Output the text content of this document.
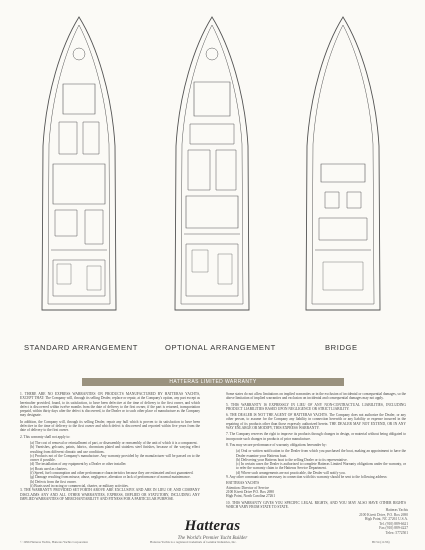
STANDARD ARRANGEMENT	OPTIONAL ARRANGEMENT	BRIDGE
HATTERAS LIMITED WARRANTY

1. THERE ARE NO EXPRESS WARRANTIES ON PRODUCTS MANUFACTURED BY HATTERAS YACHTS, EXCEPT THAT: The Company will, through its selling Dealer, replace or repair, at the Company's option, any part except as hereinafter provided, found, to its satisfaction, to have been defective at the time of delivery to the first owner, and which defect is discovered within twelve months from the date of delivery to the first owner, if the part is returned, transportation prepaid, within thirty days after the defect is discovered, to the Dealer or to such other place of manufacture as the Company may designate.

In addition, the Company will, through its selling Dealer, repair any hull which is proven to its satisfaction to have been defective in the time of delivery to the first owner and which defect is discovered and reported within five years from the date of delivery to the first owner.

2. This warranty shall not apply to:

(a) The cost of removal or reinstallment of part, or disassembly or reassembly of the unit of which it is a component.

(b) Varnishes, gelcoats, paints, fabrics, chromium plated and stainless steel finishes, because of the varying effect resulting from different climatic and use conditions.

(c) Products not of the Company's manufacture. Any warranty provided by the manufacturer will be passed on to the owner if possible.

(d) The installation of any equipment by a Dealer or other installer.

(e) Boats used as charters.

(f) Speed, fuel consumption and other performance characteristics because they are estimated and not guaranteed.

(g) Damage resulting from misuse, abuse, negligence, alteration or lack of performance of normal maintenance.

(h) Defects from the first owner.

(i) Boats used in racing or commercial, charter, or military activities.

3. THE WARRANTY PROVIDED SET FORTH ABOVE ARE EXCLUSIVE AND ARE IN LIEU OF, AND COMPANY DISCLAIMS ANY AND ALL OTHER WARRANTIES, EXPRESS, IMPLIED OR STATUTORY, INCLUDING ANY IMPLIED WARRANTIES OF MERCHANTABILITY AND FITNESS FOR A PARTICULAR PURPOSE.

Some states do not allow limitations on implied warranties or in the exclusion of incidental or consequential damages, so the above limitation of implied warranties and exclusion on incidental and consequential damages may not apply.

5. THIS WARRANTY IS EXPRESSLY IN LIEU OF ANY NON-CONTRACTUAL LIABILITIES, INCLUDING PRODUCT LIABILITIES BASED UPON NEGLIGENCE OR STRICT LIABILITY.

6. THE DEALER IS NOT THE AGENT OF HATTERAS YACHTS. The Company does not authorize the Dealer, or any other person, to assume for the Company any liability in connection herewith or any liability or expense incurred in the repairing of its products other than those expressly authorized herein. THE DEALER MAY NOT EXTEND, OR IN ANY WAY ENLARGE OR MODIFY, THIS EXPRESS WARRANTY.

7. The Company reserves the right to improve its products through changes in design, or material without being obligated to incorporate such changes in products of prior manufacture.

8. You may secure performance of warranty obligations hereunder by:

(a) Oral or written notification to the Dealer from which you purchased the boat, making an appointment to have the Dealer examine your Hatteras boat.

(b) Delivering your Hatteras boat to the selling Dealer or to its representative.

(c) In certain cases the Dealer is authorized to complete Hatteras Limited Warranty obligations under the warranty, or to refer the warranty claim to the Hatteras Service Department.

(d) Where such arrangements are not practicable, the Dealer will notify you.

9. Any other communication necessary in connection with this warranty should be sent to the following address:

HATTERAS YACHTS

Attention: Director of Service

2100 Kivett Drive P.O. Box 2690

High Point, North Carolina 27261

10. THIS WARRANTY GIVES YOU SPECIFIC LEGAL RIGHTS, AND YOU MAY ALSO HAVE OTHER RIGHTS WHICH VARY FROM STATE TO STATE.

Hatteras
The World's Premier Yacht Builder
Hatteras Yachts
2100 Kivett Drive, P.O. Box 2690
High Point, NC 27261 U.S.A.
Tel. (910) 889-6621
Fax (910) 889-4227
Telex: 5772501
© 1996 Hatteras Yachts, Hatteras Yachts Corporation	Hatteras Yachts is a registered trademark of Genmar Industries, Inc.	BC54 (11/96)
